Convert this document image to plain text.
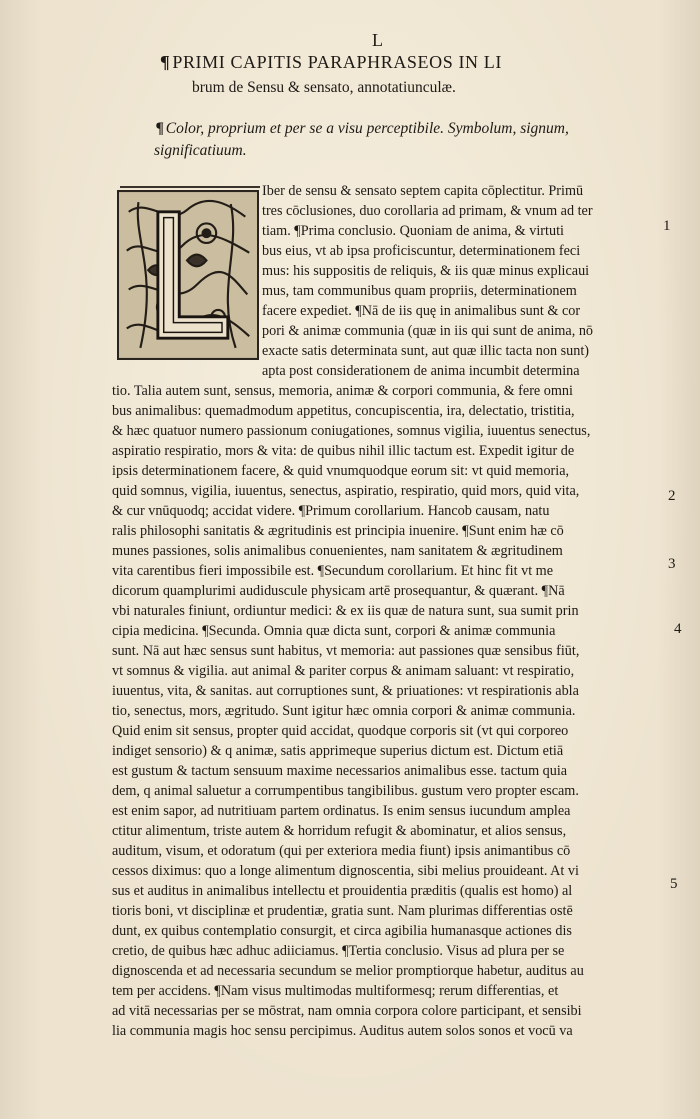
L
¶ PRIMI CAPITIS PARAPHRASEOS IN LI
brum de Sensu & sensato, annotatiunculæ.
¶ Color, proprium et per se a visu perceptibile. Symbolum, signum,
significatiuum.
Iber de sensu & sensato septem capita cōplectitur. Primū
tres cōclusiones, duo corollaria ad primam, & vnum ad ter
tiam. ¶Prima conclusio. Quoniam de anima, & virtuti
bus eius, vt ab ipsa proficiscuntur, determinationem feci
mus: his suppositis de reliquis, & iis quæ minus explicaui
mus, tam communibus quam propriis, determinationem
facere expediet. ¶Nā de iis quę in animalibus sunt & cor
pori & animæ communia (quæ in iis qui sunt de anima, nō
exacte satis determinata sunt, aut quæ illic tacta non sunt)
apta post considerationem de anima incumbit determina
tio. Talia autem sunt, sensus, memoria, animæ & corpori communia, & fere omni
bus animalibus: quemadmodum appetitus, concupiscentia, ira, delectatio, tristitia,
& hæc quatuor numero passionum coniugationes, somnus vigilia, iuuentus senectus,
aspiratio respiratio, mors & vita: de quibus nihil illic tactum est. Expedit igitur de
ipsis determinationem facere, & quid vnumquodque eorum sit: vt quid memoria,
quid somnus, vigilia, iuuentus, senectus, aspiratio, respiratio, quid mors, quid vita,
& cur vnūquodq; accidat videre. ¶Primum corollarium. Hancob causam, natu
ralis philosophi sanitatis & ægritudinis est principia inuenire. ¶Sunt enim hæ cō
munes passiones, solis animalibus conuenientes, nam sanitatem & ægritudinem
vita carentibus fieri impossibile est. ¶Secundum corollarium. Et hinc fit vt me
dicorum quamplurimi audiduscule physicam artē prosequantur, & quærant. ¶Nā
vbi naturales finiunt, ordiuntur medici: & ex iis quæ de natura sunt, sua sumit prin
cipia medicina. ¶Secunda. Omnia quæ dicta sunt, corpori & animæ communia
sunt. Nā aut hæc sensus sunt habitus, vt memoria: aut passiones quæ sensibus fiūt,
vt somnus & vigilia. aut animal & pariter corpus & animam saluant: vt respiratio,
iuuentus, vita, & sanitas. aut corruptiones sunt, & priuationes: vt respirationis abla
tio, senectus, mors, ægritudo. Sunt igitur hæc omnia corpori & animæ communia.
Quid enim sit sensus, propter quid accidat, quodque corporis sit (vt qui corporeo
indiget sensorio) & q animæ, satis apprimeque superius dictum est. Dictum etiā
est gustum & tactum sensuum maxime necessarios animalibus esse. tactum quia
dem, q animal saluetur a corrumpentibus tangibilibus. gustum vero propter escam.
est enim sapor, ad nutritiuam partem ordinatus. Is enim sensus iucundum amplea
ctitur alimentum, triste autem & horridum refugit & abominatur, et alios sensus,
auditum, visum, et odoratum (qui per exteriora media fiunt) ipsis animantibus cō
cessos diximus: quo a longe alimentum dignoscentia, sibi melius prouideant. At vi
sus et auditus in animalibus intellectu et prouidentia præditis (qualis est homo) al
tioris boni, vt disciplinæ et prudentiæ, gratia sunt. Nam plurimas differentias ostē
dunt, ex quibus contemplatio consurgit, et circa agibilia humanasque actiones dis
cretio, de quibus hæc adhuc adiiciamus. ¶Tertia conclusio. Visus ad plura per se
dignoscenda et ad necessaria secundum se melior promptiorque habetur, auditus au
tem per accidens. ¶Nam visus multimodas multiformesq; rerum differentias, et
ad vitā necessarias per se mōstrat, nam omnia corpora colore participant, et sensibi
lia communia magis hoc sensu percipimus. Auditus autem solos sonos et vocū va
1
2
3
4
5
